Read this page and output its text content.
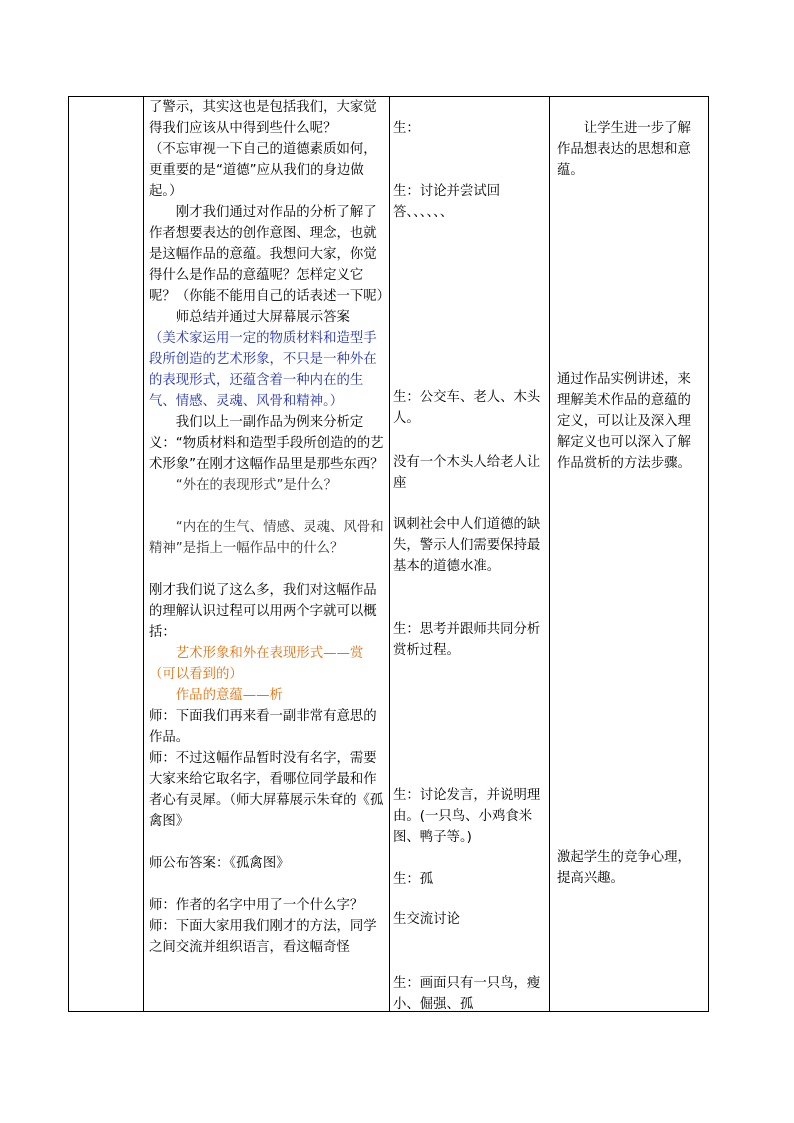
了警示，其实这也是包括我们，大家觉得我们应该从中得到些什么呢？

（不忘审视一下自己的道德素质如何，更重要的是“道德”应从我们的身边做起。）

刚才我们通过对作品的分析了解了作者想要表达的创作意图、理念，也就是这幅作品的意蕴。我想问大家，你觉得什么是作品的意蕴呢？怎样定义它呢？（你能不能用自己的话表述一下呢）

师总结并通过大屏幕展示答案

（美术家运用一定的物质材料和造型手段所创造的艺术形象，不只是一种外在的表现形式，还蕴含着一种内在的生气、情感、灵魂、风骨和精神。）

我们以上一副作品为例来分析定义：“物质材料和造型手段所创造的的艺术形象”在刚才这幅作品里是那些东西？

“外在的表现形式”是什么？

“内在的生气、情感、灵魂、风骨和精神”是指上一幅作品中的什么？

刚才我们说了这么多，我们对这幅作品的理解认识过程可以用两个字就可以概括：

艺术形象和外在表现形式——赏（可以看到的）

作品的意蕴——析

师：下面我们再来看一副非常有意思的作品。

师：不过这幅作品暂时没有名字，需要大家来给它取名字，看哪位同学最和作者心有灵犀。（师大屏幕展示朱耷的《孤禽图》

师公布答案：《孤禽图》

师：作者的名字中用了一个什么字？

师：下面大家用我们刚才的方法，同学之间交流并组织语言，看这幅奇怪

生：

生：讨论并尝试回答、、、、、、

生：公交车、老人、木头人。

没有一个木头人给老人让座

讽刺社会中人们道德的缺失，警示人们需要保持最基本的道德水准。

生：思考并跟师共同分析赏析过程。

生：讨论发言，并说明理由。(一只鸟、小鸡食米图、鸭子等。)

生：孤

生交流讨论

生：画面只有一只鸟，瘦小、倔强、孤

让学生进一步了解作品想表达的思想和意蕴。

通过作品实例讲述，来理解美术作品的意蕴的定义，可以让及深入理解定义也可以深入了解作品赏析的方法步骤。

激起学生的竞争心理，提高兴趣。
